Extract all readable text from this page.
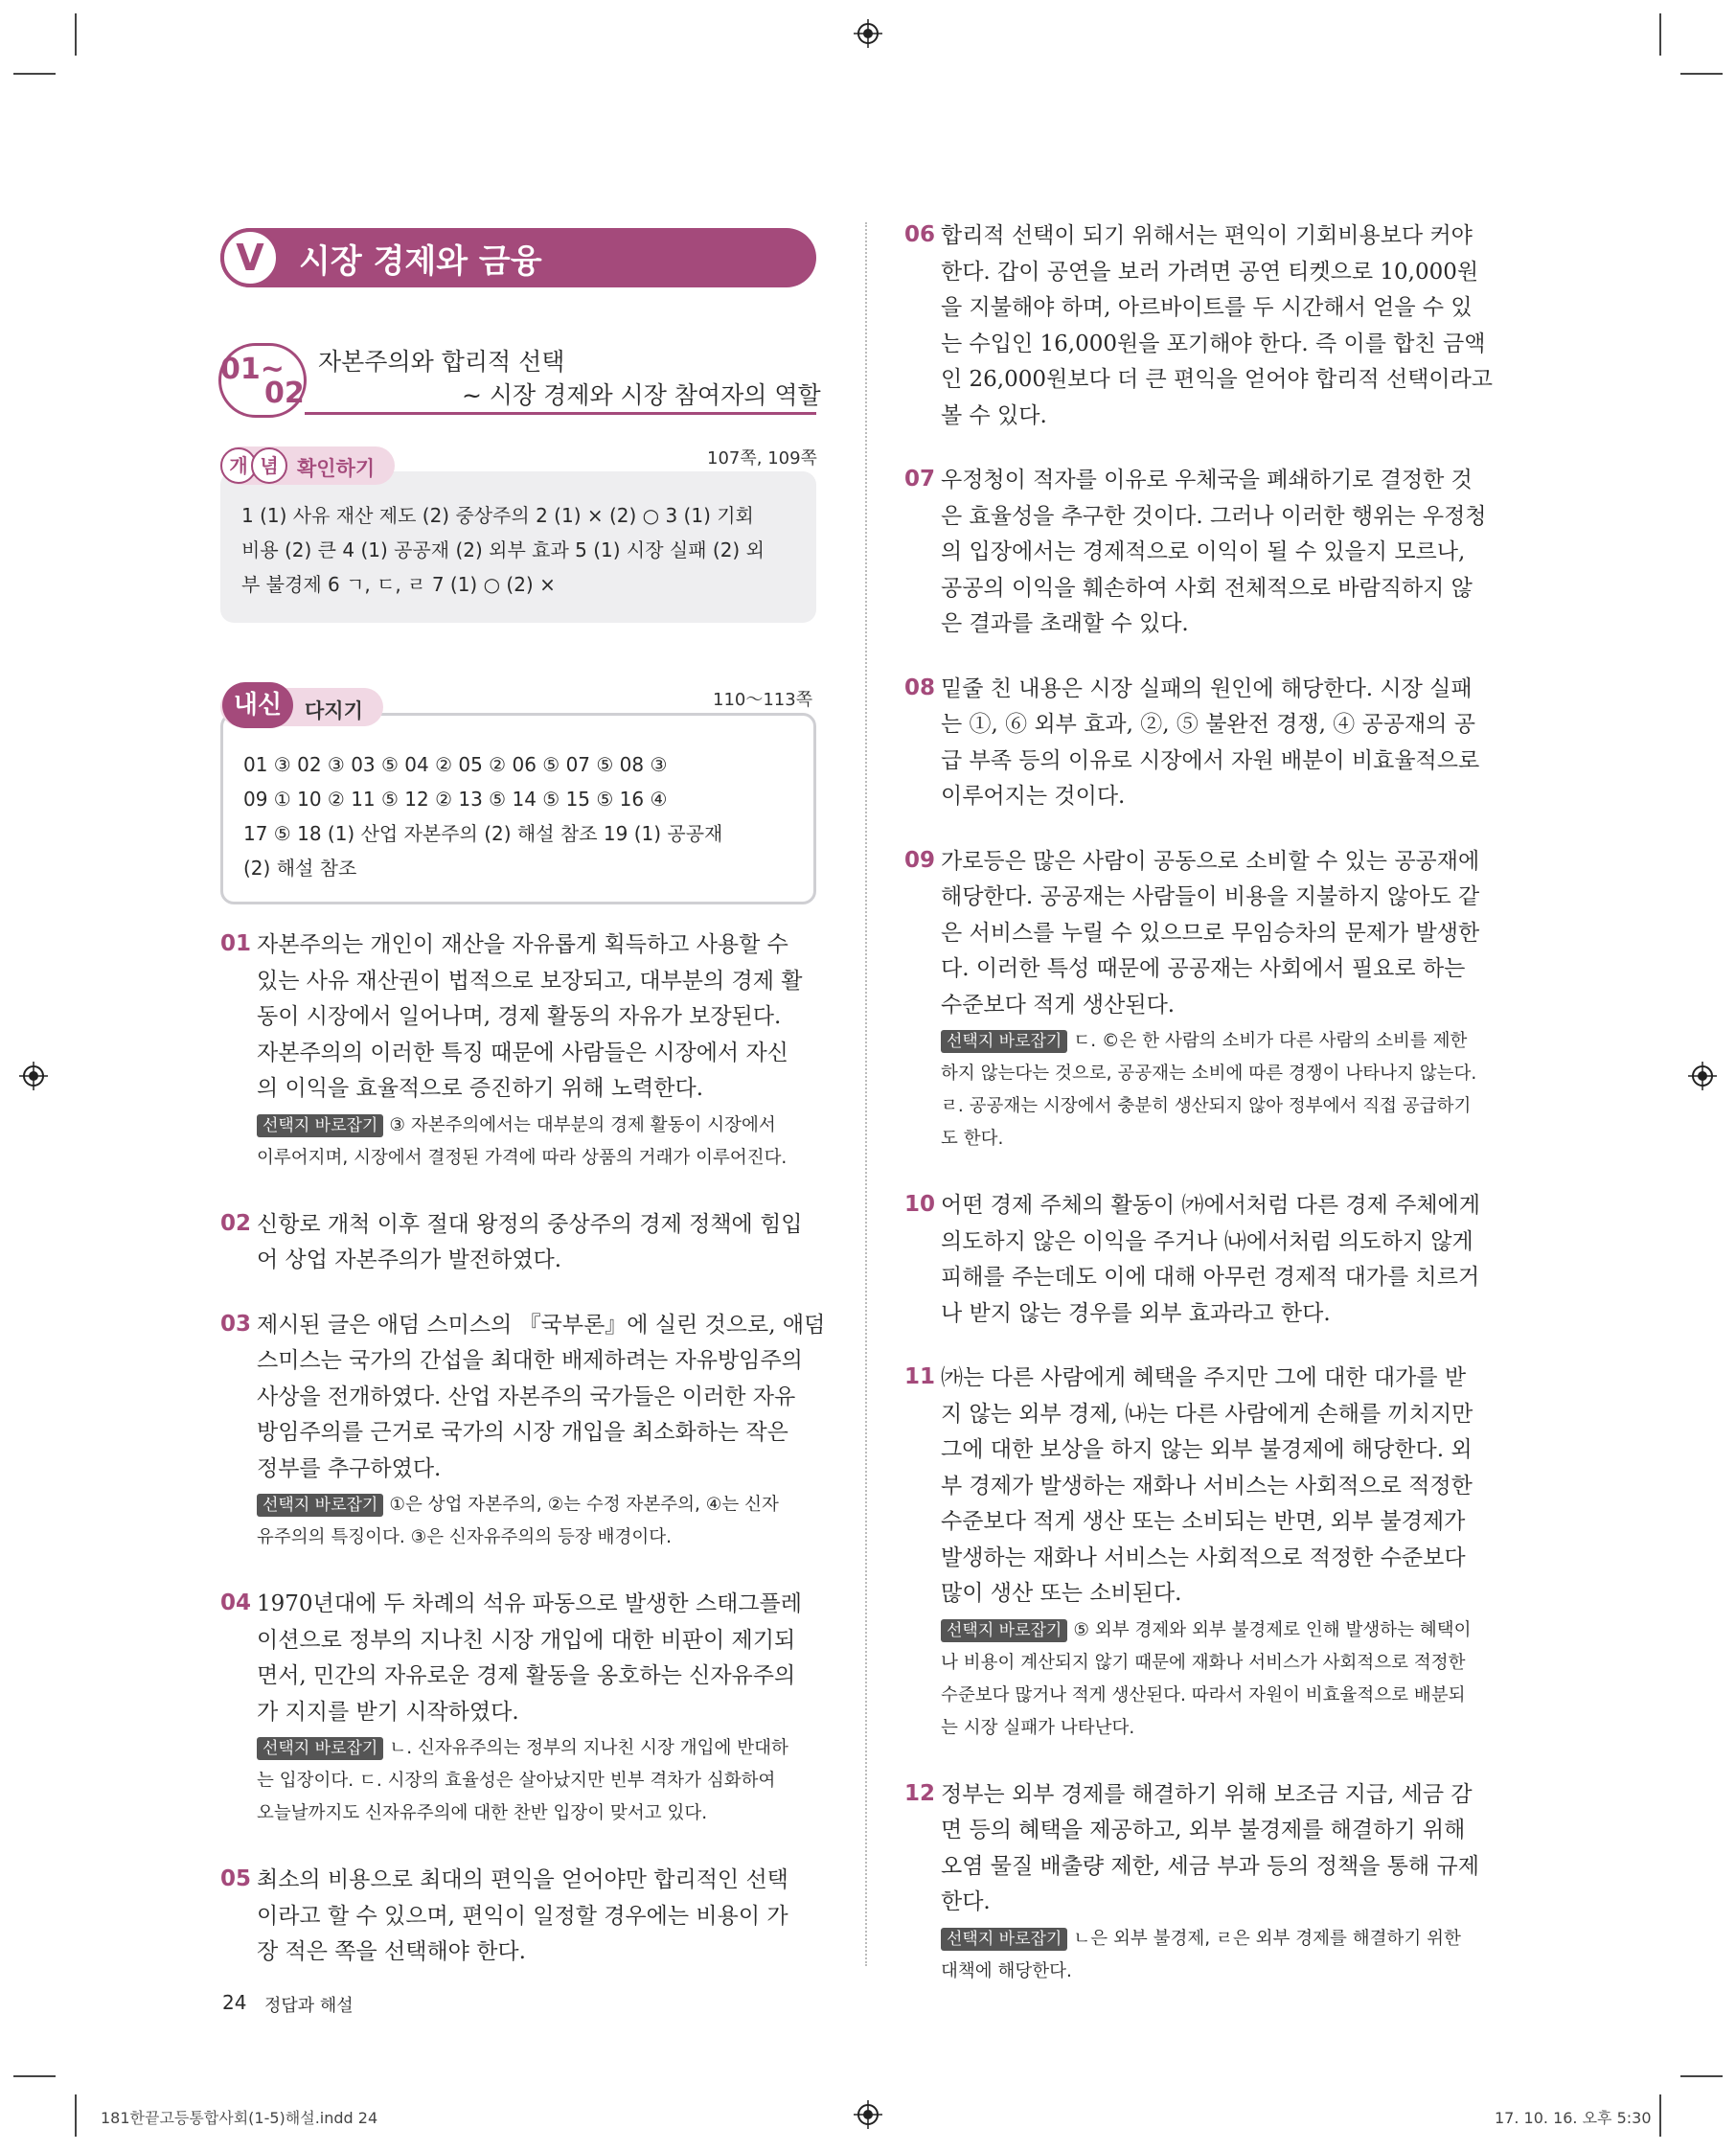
V	시장 경제와 금융
01~
02
자본주의와 합리적 선택
~ 시장 경제와 시장 참여자의 역할
개 념 확인하기	107쪽, 109쪽
1 (1) 사유 재산 제도 (2) 중상주의 2 (1) × (2) ○ 3 (1) 기회
비용 (2) 큰 4 (1) 공공재 (2) 외부 효과 5 (1) 시장 실패 (2) 외
부 불경제 6 ㄱ, ㄷ, ㄹ 7 (1) ○ (2) ×
내신	다지기	110～113쪽
01 ③ 02 ③ 03 ⑤ 04 ② 05 ② 06 ⑤ 07 ⑤ 08 ③
09 ① 10 ② 11 ⑤ 12 ② 13 ⑤ 14 ⑤ 15 ⑤ 16 ④
17 ⑤ 18 (1) 산업 자본주의 (2) 해설 참조 19 (1) 공공재
(2) 해설 참조
01 자본주의는 개인이 재산을 자유롭게 획득하고 사용할 수
있는 사유 재산권이 법적으로 보장되고, 대부분의 경제 활
동이 시장에서 일어나며, 경제 활동의 자유가 보장된다.
자본주의의 이러한 특징 때문에 사람들은 시장에서 자신
의 이익을 효율적으로 증진하기 위해 노력한다.
선택지 바로잡기 ③ 자본주의에서는 대부분의 경제 활동이 시장에서
이루어지며, 시장에서 결정된 가격에 따라 상품의 거래가 이루어진다.
02 신항로 개척 이후 절대 왕정의 중상주의 경제 정책에 힘입
어 상업 자본주의가 발전하였다.
03 제시된 글은 애덤 스미스의 『국부론』에 실린 것으로, 애덤
스미스는 국가의 간섭을 최대한 배제하려는 자유방임주의
사상을 전개하였다. 산업 자본주의 국가들은 이러한 자유
방임주의를 근거로 국가의 시장 개입을 최소화하는 작은
정부를 추구하였다.
선택지 바로잡기 ①은 상업 자본주의, ②는 수정 자본주의, ④는 신자
유주의의 특징이다. ③은 신자유주의의 등장 배경이다.
04 1970년대에 두 차례의 석유 파동으로 발생한 스태그플레
이션으로 정부의 지나친 시장 개입에 대한 비판이 제기되
면서, 민간의 자유로운 경제 활동을 옹호하는 신자유주의
가 지지를 받기 시작하였다.
선택지 바로잡기 ㄴ. 신자유주의는 정부의 지나친 시장 개입에 반대하
는 입장이다. ㄷ. 시장의 효율성은 살아났지만 빈부 격차가 심화하여
오늘날까지도 신자유주의에 대한 찬반 입장이 맞서고 있다.
05 최소의 비용으로 최대의 편익을 얻어야만 합리적인 선택
이라고 할 수 있으며, 편익이 일정할 경우에는 비용이 가
장 적은 쪽을 선택해야 한다.
06 합리적 선택이 되기 위해서는 편익이 기회비용보다 커야
한다. 갑이 공연을 보러 가려면 공연 티켓으로 10,000원
을 지불해야 하며, 아르바이트를 두 시간해서 얻을 수 있
는 수입인 16,000원을 포기해야 한다. 즉 이를 합친 금액
인 26,000원보다 더 큰 편익을 얻어야 합리적 선택이라고
볼 수 있다.
07 우정청이 적자를 이유로 우체국을 폐쇄하기로 결정한 것
은 효율성을 추구한 것이다. 그러나 이러한 행위는 우정청
의 입장에서는 경제적으로 이익이 될 수 있을지 모르나,
공공의 이익을 훼손하여 사회 전체적으로 바람직하지 않
은 결과를 초래할 수 있다.
08 밑줄 친 내용은 시장 실패의 원인에 해당한다. 시장 실패
는 ①, ⑥ 외부 효과, ②, ⑤ 불완전 경쟁, ④ 공공재의 공
급 부족 등의 이유로 시장에서 자원 배분이 비효율적으로
이루어지는 것이다.
09 가로등은 많은 사람이 공동으로 소비할 수 있는 공공재에
해당한다. 공공재는 사람들이 비용을 지불하지 않아도 같
은 서비스를 누릴 수 있으므로 무임승차의 문제가 발생한
다. 이러한 특성 때문에 공공재는 사회에서 필요로 하는
수준보다 적게 생산된다.
선택지 바로잡기 ㄷ. ©은 한 사람의 소비가 다른 사람의 소비를 제한
하지 않는다는 것으로, 공공재는 소비에 따른 경쟁이 나타나지 않는다.
ㄹ. 공공재는 시장에서 충분히 생산되지 않아 정부에서 직접 공급하기
도 한다.
10 어떤 경제 주체의 활동이 ㈎에서처럼 다른 경제 주체에게
의도하지 않은 이익을 주거나 ㈏에서처럼 의도하지 않게
피해를 주는데도 이에 대해 아무런 경제적 대가를 치르거
나 받지 않는 경우를 외부 효과라고 한다.
11 ㈎는 다른 사람에게 혜택을 주지만 그에 대한 대가를 받
지 않는 외부 경제, ㈏는 다른 사람에게 손해를 끼치지만
그에 대한 보상을 하지 않는 외부 불경제에 해당한다. 외
부 경제가 발생하는 재화나 서비스는 사회적으로 적정한
수준보다 적게 생산 또는 소비되는 반면, 외부 불경제가
발생하는 재화나 서비스는 사회적으로 적정한 수준보다
많이 생산 또는 소비된다.
선택지 바로잡기 ⑤ 외부 경제와 외부 불경제로 인해 발생하는 혜택이
나 비용이 계산되지 않기 때문에 재화나 서비스가 사회적으로 적정한
수준보다 많거나 적게 생산된다. 따라서 자원이 비효율적으로 배분되
는 시장 실패가 나타난다.
12 정부는 외부 경제를 해결하기 위해 보조금 지급, 세금 감
면 등의 혜택을 제공하고, 외부 불경제를 해결하기 위해
오염 물질 배출량 제한, 세금 부과 등의 정책을 통해 규제
한다.
선택지 바로잡기 ㄴ은 외부 불경제, ㄹ은 외부 경제를 해결하기 위한
대책에 해당한다.
24 정답과 해설
181한끝고등통합사회(1-5)해설.indd 24	17. 10. 16. 오후 5:30
